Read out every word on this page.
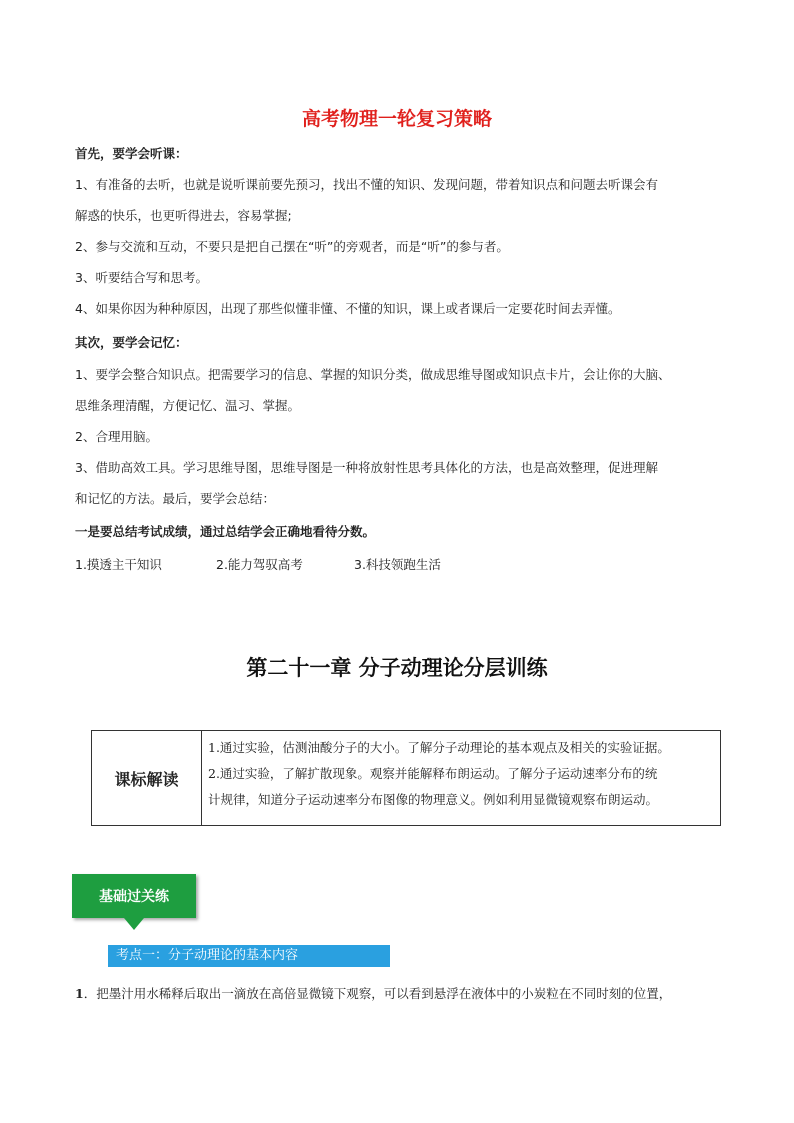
高考物理一轮复习策略
首先，要学会听课：
1、有准备的去听，也就是说听课前要先预习，找出不懂的知识、发现问题，带着知识点和问题去听课会有
解惑的快乐，也更听得进去，容易掌握;
2、参与交流和互动，不要只是把自己摆在“听”的旁观者，而是“听”的参与者。
3、听要结合写和思考。
4、如果你因为种种原因，出现了那些似懂非懂、不懂的知识，课上或者课后一定要花时间去弄懂。
其次，要学会记忆：
1、要学会整合知识点。把需要学习的信息、掌握的知识分类，做成思维导图或知识点卡片，会让你的大脑、
思维条理清醒，方便记忆、温习、掌握。
2、合理用脑。
3、借助高效工具。学习思维导图，思维导图是一种将放射性思考具体化的方法，也是高效整理，促进理解
和记忆的方法。最后，要学会总结：
一是要总结考试成绩，通过总结学会正确地看待分数。
1.摸透主干知识	2.能力驾驭高考	3.科技领跑生活
第二十一章 分子动理论分层训练
课标解读
1.通过实验，估测油酸分子的大小。了解分子动理论的基本观点及相关的实验证据。
2.通过实验，了解扩散现象。观察并能解释布朗运动。了解分子运动速率分布的统
计规律，知道分子运动速率分布图像的物理意义。例如利用显微镜观察布朗运动。
基础过关练
考点一：分子动理论的基本内容
1．把墨汁用水稀释后取出一滴放在高倍显微镜下观察，可以看到悬浮在液体中的小炭粒在不同时刻的位置，
